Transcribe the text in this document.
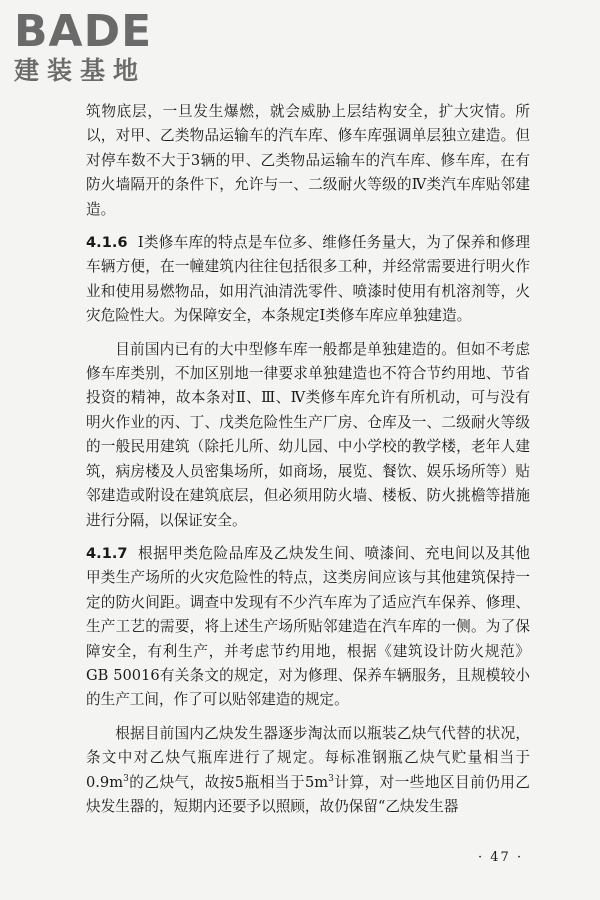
BADE
建装基地

筑物底层，一旦发生爆燃，就会威胁上层结构安全，扩大灾情。所以，对甲、乙类物品运输车的汽车库、修车库强调单层独立建造。但对停车数不大于3辆的甲、乙类物品运输车的汽车库、修车库，在有防火墙隔开的条件下，允许与一、二级耐火等级的Ⅳ类汽车库贴邻建造。

4.1.6 Ⅰ类修车库的特点是车位多、维修任务量大，为了保养和修理车辆方便，在一幢建筑内往往包括很多工种，并经常需要进行明火作业和使用易燃物品，如用汽油清洗零件、喷漆时使用有机溶剂等，火灾危险性大。为保障安全，本条规定Ⅰ类修车库应单独建造。

目前国内已有的大中型修车库一般都是单独建造的。但如不考虑修车库类别，不加区别地一律要求单独建造也不符合节约用地、节省投资的精神，故本条对Ⅱ、Ⅲ、Ⅳ类修车库允许有所机动，可与没有明火作业的丙、丁、戊类危险性生产厂房、仓库及一、二级耐火等级的一般民用建筑（除托儿所、幼儿园、中小学校的教学楼，老年人建筑，病房楼及人员密集场所，如商场，展览、餐饮、娱乐场所等）贴邻建造或附设在建筑底层，但必须用防火墙、楼板、防火挑檐等措施进行分隔，以保证安全。

4.1.7 根据甲类危险品库及乙炔发生间、喷漆间、充电间以及其他甲类生产场所的火灾危险性的特点，这类房间应该与其他建筑保持一定的防火间距。调查中发现有不少汽车库为了适应汽车保养、修理、生产工艺的需要，将上述生产场所贴邻建造在汽车库的一侧。为了保障安全，有利生产，并考虑节约用地，根据《建筑设计防火规范》GB 50016有关条文的规定，对为修理、保养车辆服务，且规模较小的生产工间，作了可以贴邻建造的规定。

根据目前国内乙炔发生器逐步淘汰而以瓶装乙炔气代替的状况，条文中对乙炔气瓶库进行了规定。每标准钢瓶乙炔气贮量相当于$0.9m^3$的乙炔气，故按5瓶相当于$5m^3$计算，对一些地区目前仍用乙炔发生器的，短期内还要予以照顾，故仍保留“乙炔发生器

· 47 ·
